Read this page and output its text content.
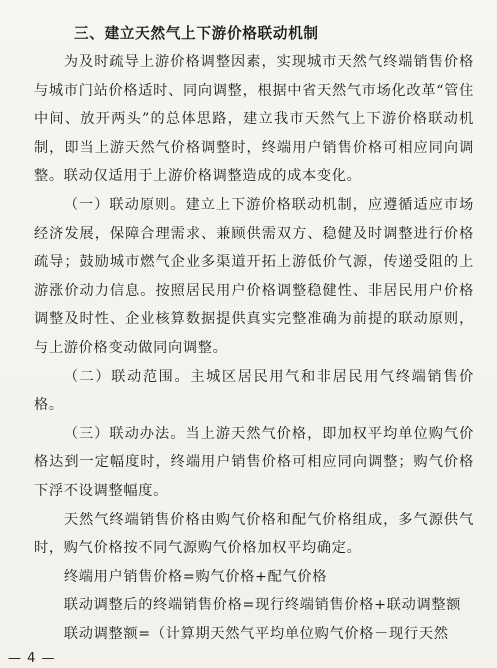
三、建立天然气上下游价格联动机制

为及时疏导上游价格调整因素，实现城市天然气终端销售价格与城市门站价格适时、同向调整，根据中省天然气市场化改革“管住中间、放开两头”的总体思路，建立我市天然气上下游价格联动机制，即当上游天然气价格调整时，终端用户销售价格可相应同向调整。联动仅适用于上游价格调整造成的成本变化。

（一）联动原则。建立上下游价格联动机制，应遵循适应市场经济发展，保障合理需求、兼顾供需双方、稳健及时调整进行价格疏导；鼓励城市燃气企业多渠道开拓上游低价气源，传递受阻的上游涨价动力信息。按照居民用户价格调整稳健性、非居民用户价格调整及时性、企业核算数据提供真实完整准确为前提的联动原则，与上游价格变动做同向调整。

（二）联动范围。主城区居民用气和非居民用气终端销售价格。

（三）联动办法。当上游天然气价格，即加权平均单位购气价格达到一定幅度时，终端用户销售价格可相应同向调整；购气价格下浮不设调整幅度。

天然气终端销售价格由购气价格和配气价格组成，多气源供气时，购气价格按不同气源购气价格加权平均确定。

终端用户销售价格=购气价格+配气价格

联动调整后的终端销售价格=现行终端销售价格+联动调整额

联动调整额=（计算期天然气平均单位购气价格－现行天然

— 4 —
